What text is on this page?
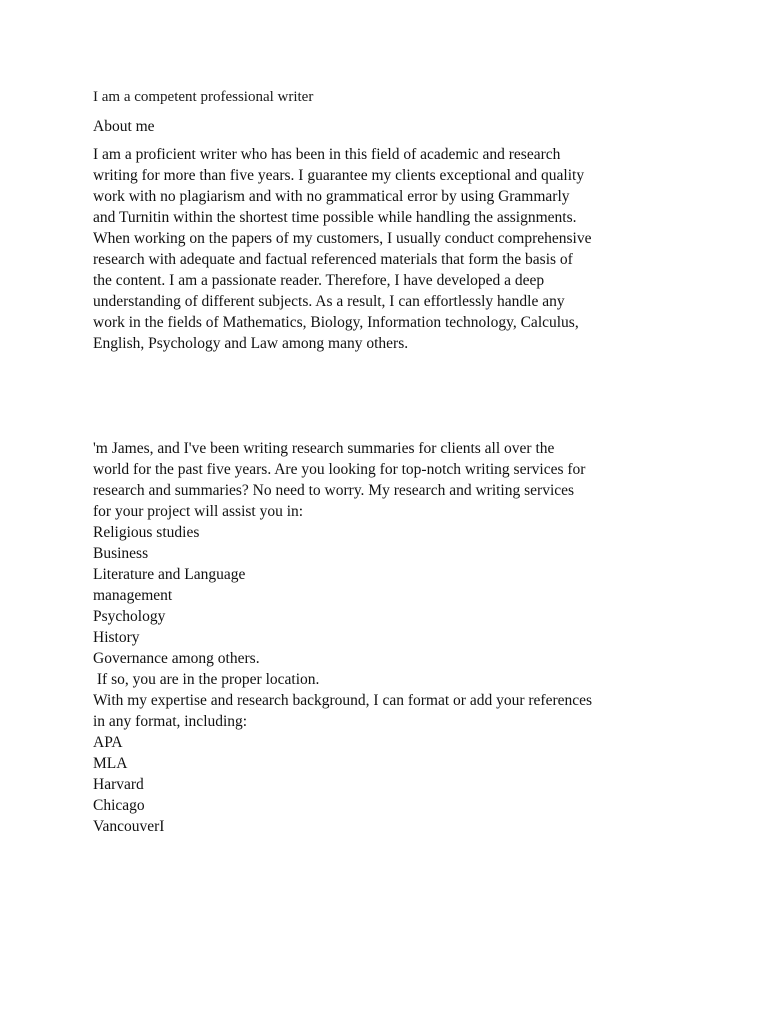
I am a competent professional writer

About me

I am a proficient writer who has been in this field of academic and research

writing for more than five years. I guarantee my clients exceptional and quality

work with no plagiarism and with no grammatical error by using Grammarly

and Turnitin within the shortest time possible while handling the assignments.

When working on the papers of my customers, I usually conduct comprehensive

research with adequate and factual referenced materials that form the basis of

the content. I am a passionate reader. Therefore, I have developed a deep

understanding of different subjects. As a result, I can effortlessly handle any

work in the fields of Mathematics, Biology, Information technology, Calculus,

English, Psychology and Law among many others.

'm James, and I've been writing research summaries for clients all over the

world for the past five years. Are you looking for top-notch writing services for

research and summaries? No need to worry. My research and writing services

for your project will assist you in:

Religious studies

Business

Literature and Language

management

Psychology

History

Governance among others.

If so, you are in the proper location.

With my expertise and research background, I can format or add your references

in any format, including:

APA

MLA

Harvard

Chicago

VancouverI
